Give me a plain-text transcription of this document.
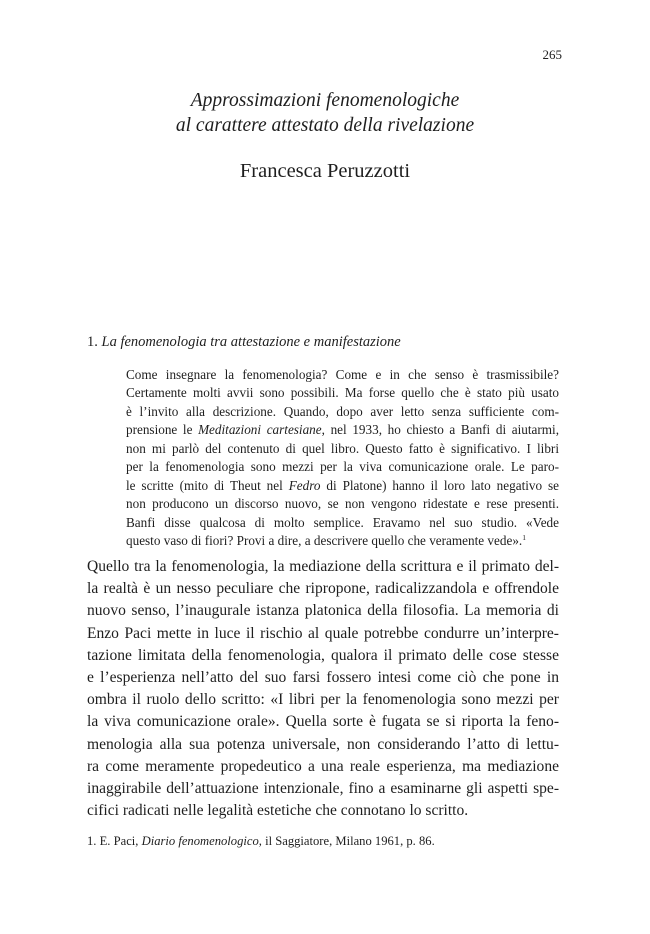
265
Approssimazioni fenomenologiche
al carattere attestato della rivelazione
Francesca Peruzzotti
1. La fenomenologia tra attestazione e manifestazione
Come insegnare la fenomenologia? Come e in che senso è trasmissibile?
Certamente molti avvii sono possibili. Ma forse quello che è stato più usato
è l’invito alla descrizione. Quando, dopo aver letto senza sufficiente com-
prensione le Meditazioni cartesiane, nel 1933, ho chiesto a Banfi di aiutarmi,
non mi parlò del contenuto di quel libro. Questo fatto è significativo. I libri
per la fenomenologia sono mezzi per la viva comunicazione orale. Le paro-
le scritte (mito di Theut nel Fedro di Platone) hanno il loro lato negativo se
non producono un discorso nuovo, se non vengono ridestate e rese presenti.
Banfi disse qualcosa di molto semplice. Eravamo nel suo studio. «Vede
questo vaso di fiori? Provi a dire, a descrivere quello che veramente vede».$^1$
Quello tra la fenomenologia, la mediazione della scrittura e il primato del-
la realtà è un nesso peculiare che ripropone, radicalizzandola e offrendole
nuovo senso, l’inaugurale istanza platonica della filosofia. La memoria di
Enzo Paci mette in luce il rischio al quale potrebbe condurre un’interpre-
tazione limitata della fenomenologia, qualora il primato delle cose stesse
e l’esperienza nell’atto del suo farsi fossero intesi come ciò che pone in
ombra il ruolo dello scritto: «I libri per la fenomenologia sono mezzi per
la viva comunicazione orale». Quella sorte è fugata se si riporta la feno-
menologia alla sua potenza universale, non considerando l’atto di lettu-
ra come meramente propedeutico a una reale esperienza, ma mediazione
inaggirabile dell’attuazione intenzionale, fino a esaminarne gli aspetti spe-
cifici radicati nelle legalità estetiche che connotano lo scritto.
1. E. Paci, Diario fenomenologico, il Saggiatore, Milano 1961, p. 86.
